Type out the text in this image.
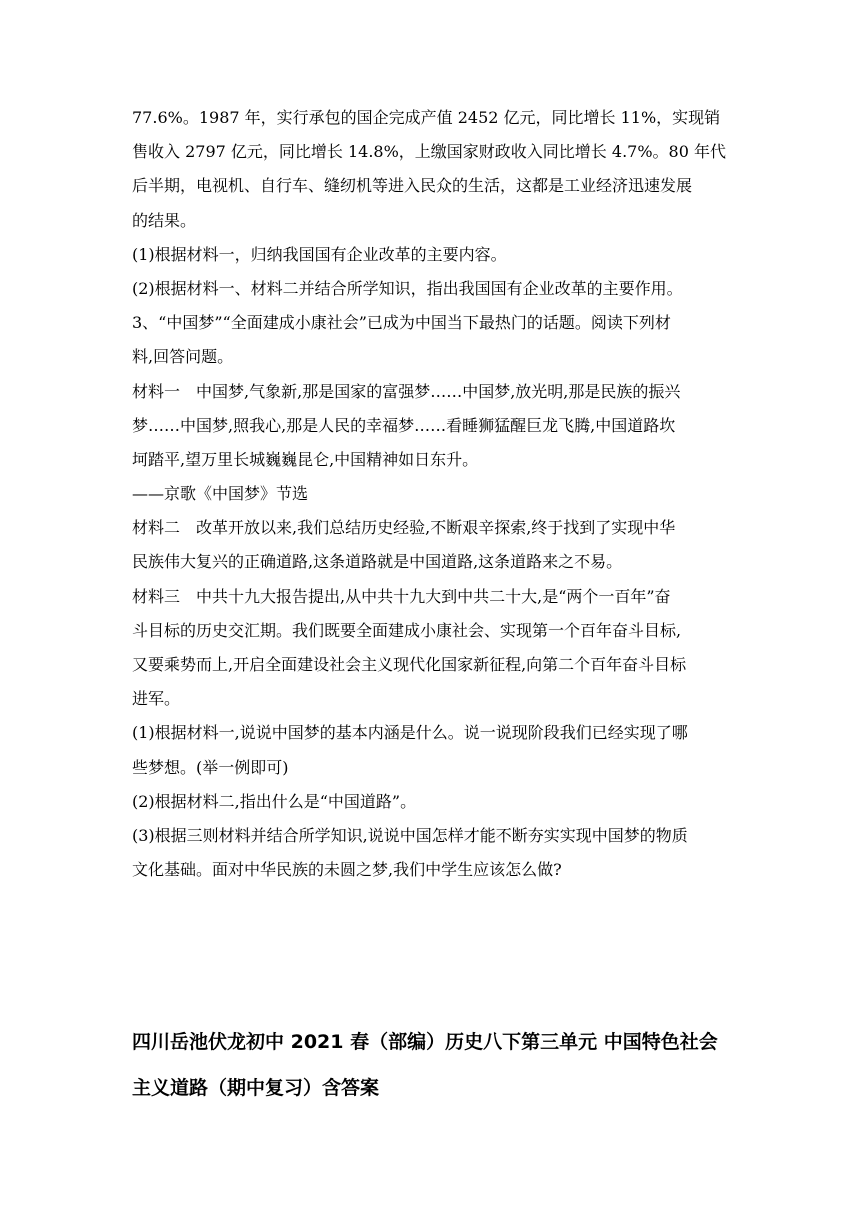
77.6%。1987 年，实行承包的国企完成产值 2452 亿元，同比增长 11%，实现销
售收入 2797 亿元，同比增长 14.8%，上缴国家财政收入同比增长 4.7%。80 年代
后半期，电视机、自行车、缝纫机等进入民众的生活，这都是工业经济迅速发展
的结果。
(1)根据材料一，归纳我国国有企业改革的主要内容。
(2)根据材料一、材料二并结合所学知识，指出我国国有企业改革的主要作用。
3、“中国梦”“全面建成小康社会”已成为中国当下最热门的话题。阅读下列材
料,回答问题。
材料一 中国梦,气象新,那是国家的富强梦……中国梦,放光明,那是民族的振兴
梦……中国梦,照我心,那是人民的幸福梦……看睡狮猛醒巨龙飞腾,中国道路坎
坷踏平,望万里长城巍巍昆仑,中国精神如日东升。
——京歌《中国梦》节选
材料二 改革开放以来,我们总结历史经验,不断艰辛探索,终于找到了实现中华
民族伟大复兴的正确道路,这条道路就是中国道路,这条道路来之不易。
材料三 中共十九大报告提出,从中共十九大到中共二十大,是“两个一百年”奋
斗目标的历史交汇期。我们既要全面建成小康社会、实现第一个百年奋斗目标,
又要乘势而上,开启全面建设社会主义现代化国家新征程,向第二个百年奋斗目标
进军。
(1)根据材料一,说说中国梦的基本内涵是什么。说一说现阶段我们已经实现了哪
些梦想。(举一例即可)
(2)根据材料二,指出什么是“中国道路”。
(3)根据三则材料并结合所学知识,说说中国怎样才能不断夯实实现中国梦的物质
文化基础。面对中华民族的未圆之梦,我们中学生应该怎么做?
四川岳池伏龙初中 2021 春（部编）历史八下第三单元 中国特色社会
主义道路（期中复习）含答案
